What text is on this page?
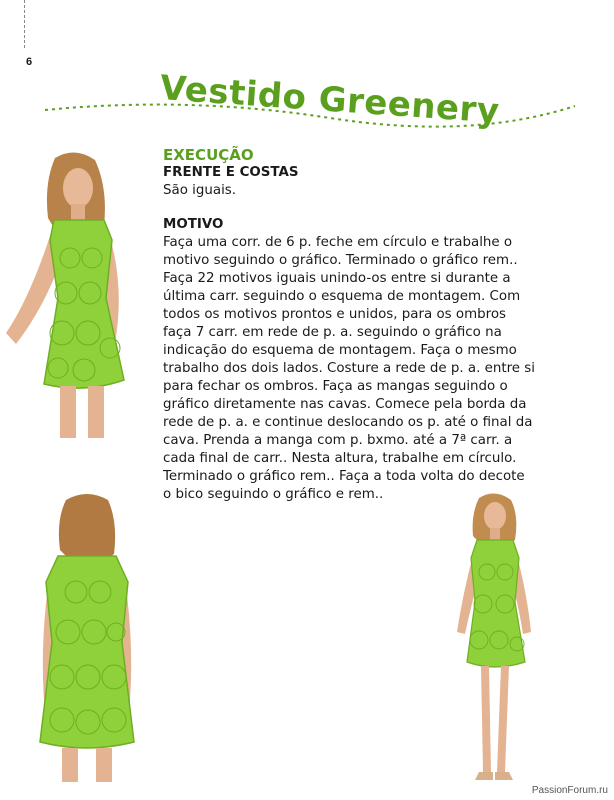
6
Vestido Greenery
EXECUÇÃO
FRENTE E COSTAS

São iguais.

MOTIVO

Faça uma corr. de 6 p. feche em círculo e trabalhe o motivo seguindo o gráfico. Terminado o gráfico rem.. Faça 22 motivos iguais unindo-os entre si durante a última carr. seguindo o esquema de montagem. Com todos os motivos prontos e unidos, para os ombros faça 7 carr. em rede de p. a. seguindo o gráfico na indicação do esquema de montagem. Faça o mesmo trabalho dos dois lados. Costure a rede de p. a. entre si para fechar os ombros. Faça as mangas seguindo o gráfico diretamente nas cavas. Comece pela borda da rede de p. a. e continue deslocando os p. até o final da cava. Prenda a manga com p. bxmo. até a 7ª carr. a cada final de carr.. Nesta altura, trabalhe em círculo. Terminado o gráfico rem.. Faça a toda volta do decote o bico seguindo o gráfico e rem..

PassionForum.ru
